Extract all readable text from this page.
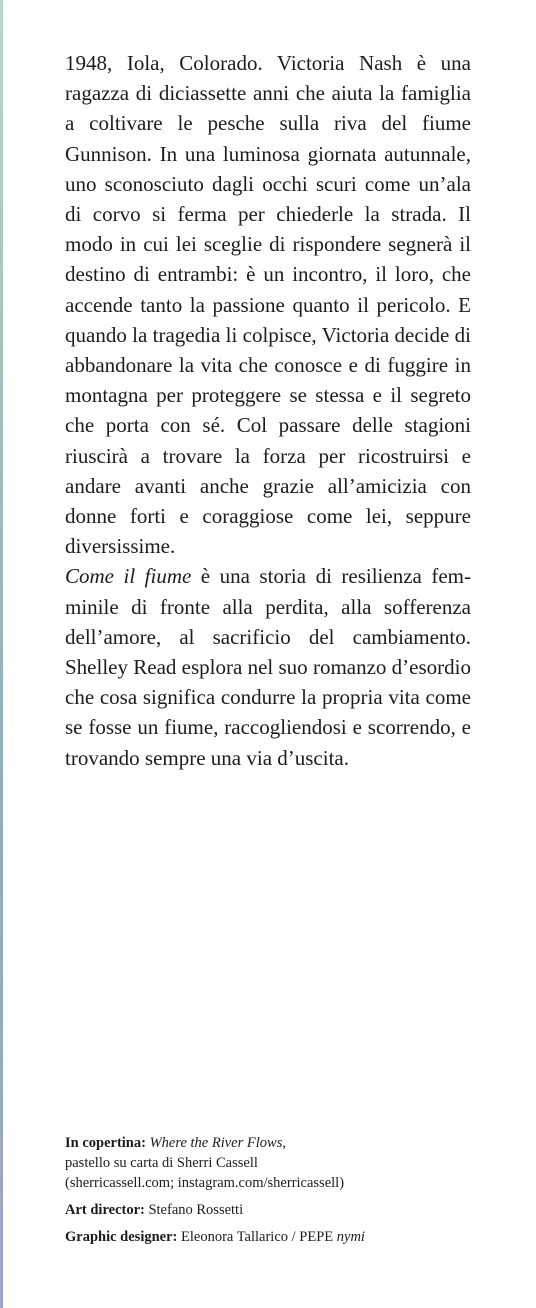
1948, Iola, Colorado. Victoria Nash è una ragazza di diciassette anni che aiuta la famiglia a coltivare le pesche sulla riva del fiume Gunnison. In una luminosa giornata autunnale, uno sconosciuto dagli occhi scuri come un’ala di corvo si ferma per chiederle la strada. Il modo in cui lei sceglie di rispondere segnerà il destino di entrambi: è un incontro, il loro, che accende tanto la passione quanto il pericolo. E quando la tragedia li colpisce, Victoria decide di abbandonare la vita che conosce e di fuggire in montagna per proteggere se stessa e il segreto che porta con sé. Col passare delle stagioni riuscirà a trovare la forza per ricostruirsi e andare avanti anche grazie all’amicizia con donne forti e coraggiose come lei, seppure diversissime.

Come il fiume è una storia di resilienza femminile di fronte alla perdita, alla sofferenza dell’amore, al sacrificio del cambiamento. Shelley Read esplora nel suo romanzo d’esordio che cosa significa condurre la propria vita come se fosse un fiume, raccogliendosi e scorrendo, e trovando sempre una via d’uscita.

In copertina: Where the River Flows,
pastello su carta di Sherri Cassell
(sherricassell.com; instagram.com/sherricassell)

Art director: Stefano Rossetti

Graphic designer: Eleonora Tallarico / PEPE nymi
